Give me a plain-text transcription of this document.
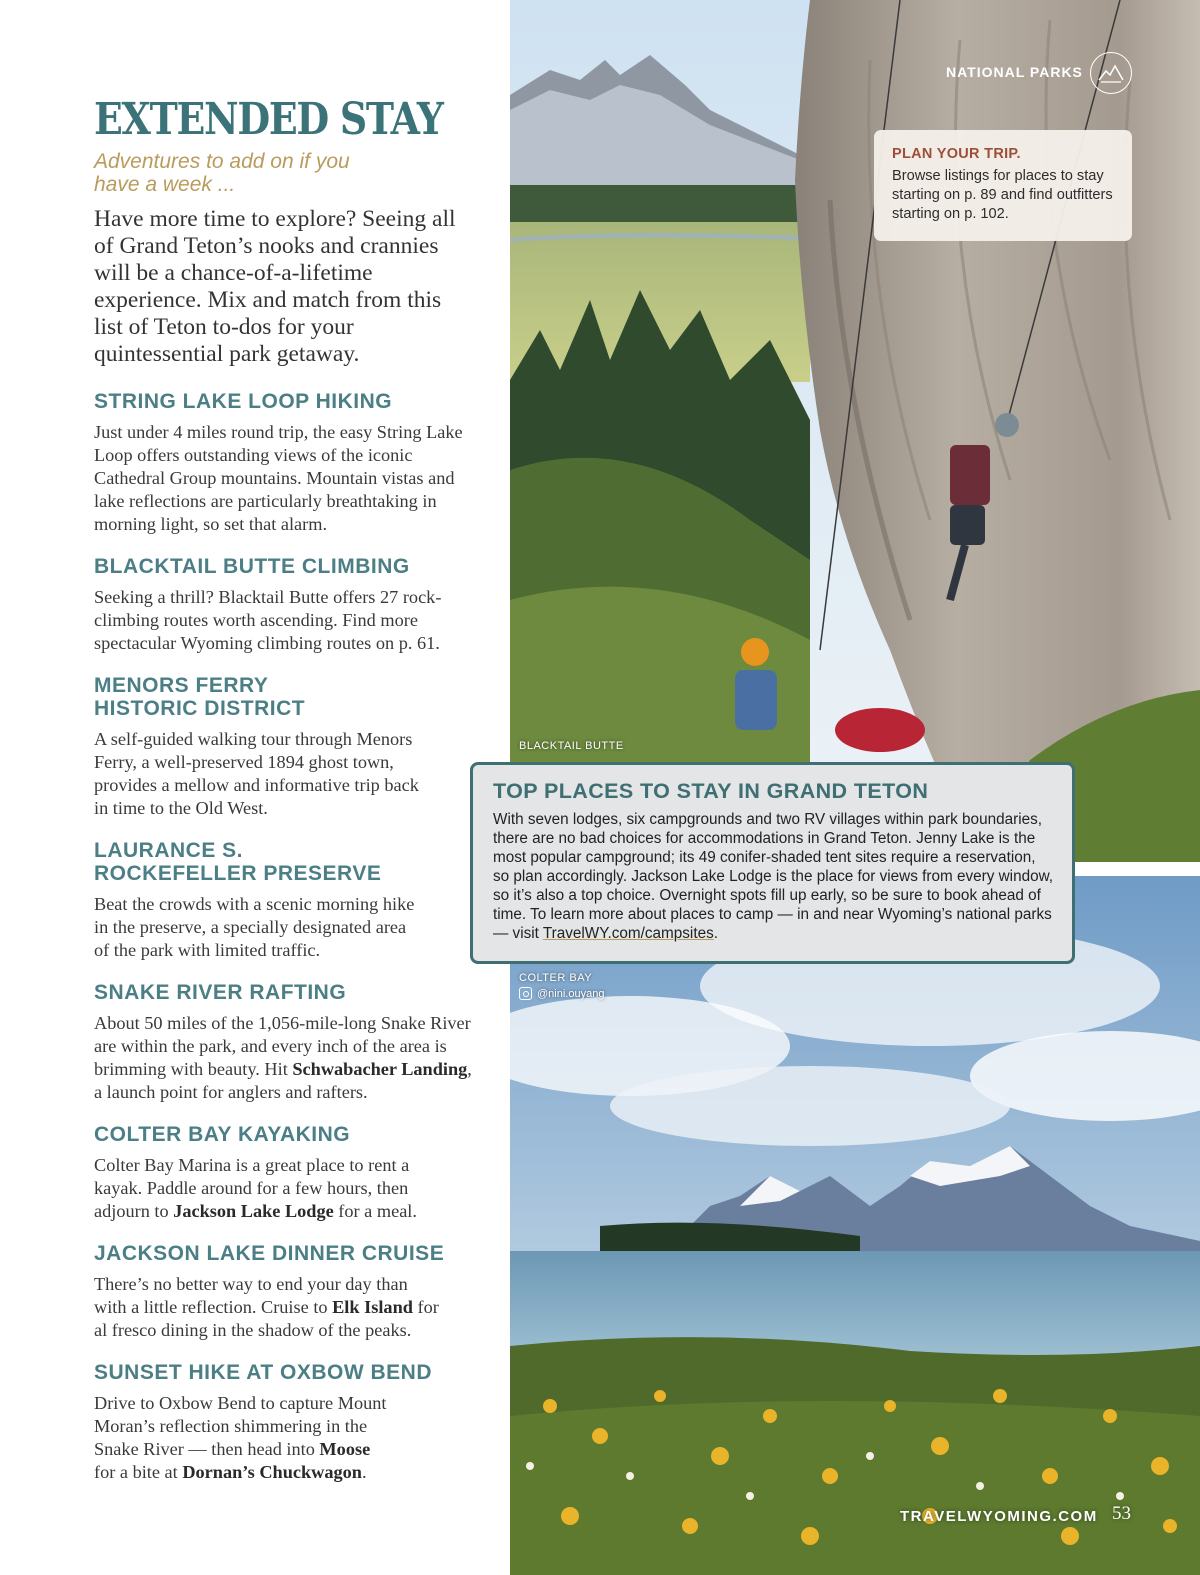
EXTENDED STAY
Adventures to add on if you have a week ...

Have more time to explore? Seeing all of Grand Teton’s nooks and crannies will be a chance-of-a-lifetime experience. Mix and match from this list of Teton to-dos for your quintessential park getaway.

STRING LAKE LOOP HIKING

Just under 4 miles round trip, the easy String Lake Loop offers outstanding views of the iconic Cathedral Group mountains. Mountain vistas and lake reflections are particularly breathtaking in morning light, so set that alarm.

BLACKTAIL BUTTE CLIMBING

Seeking a thrill? Blacktail Butte offers 27 rock-climbing routes worth ascending. Find more spectacular Wyoming climbing routes on p. 61.

MENORS FERRY HISTORIC DISTRICT

A self-guided walking tour through Menors Ferry, a well-preserved 1894 ghost town, provides a mellow and informative trip back in time to the Old West.

LAURANCE S. ROCKEFELLER PRESERVE

Beat the crowds with a scenic morning hike in the preserve, a specially designated area of the park with limited traffic.

SNAKE RIVER RAFTING

About 50 miles of the 1,056-mile-long Snake River are within the park, and every inch of the area is brimming with beauty. Hit Schwabacher Landing, a launch point for anglers and rafters.

COLTER BAY KAYAKING

Colter Bay Marina is a great place to rent a kayak. Paddle around for a few hours, then adjourn to Jackson Lake Lodge for a meal.

JACKSON LAKE DINNER CRUISE

There’s no better way to end your day than with a little reflection. Cruise to Elk Island for al fresco dining in the shadow of the peaks.

SUNSET HIKE AT OXBOW BEND

Drive to Oxbow Bend to capture Mount Moran’s reflection shimmering in the Snake River — then head into Moose for a bite at Dornan’s Chuckwagon.

NATIONAL PARKS
PLAN YOUR TRIP.

Browse listings for places to stay starting on p. 89 and find outfitters starting on p. 102.

BLACKTAIL BUTTE
TOP PLACES TO STAY IN GRAND TETON

With seven lodges, six campgrounds and two RV villages within park boundaries, there are no bad choices for accommodations in Grand Teton. Jenny Lake is the most popular campground; its 49 conifer-shaded tent sites require a reservation, so plan accordingly. Jackson Lake Lodge is the place for views from every window, so it’s also a top choice. Overnight spots fill up early, so be sure to book ahead of time. To learn more about places to camp — in and near Wyoming’s national parks — visit TravelWY.com/campsites.

COLTER BAY
@nini.ouyang
TRAVELWYOMING.COM 53
